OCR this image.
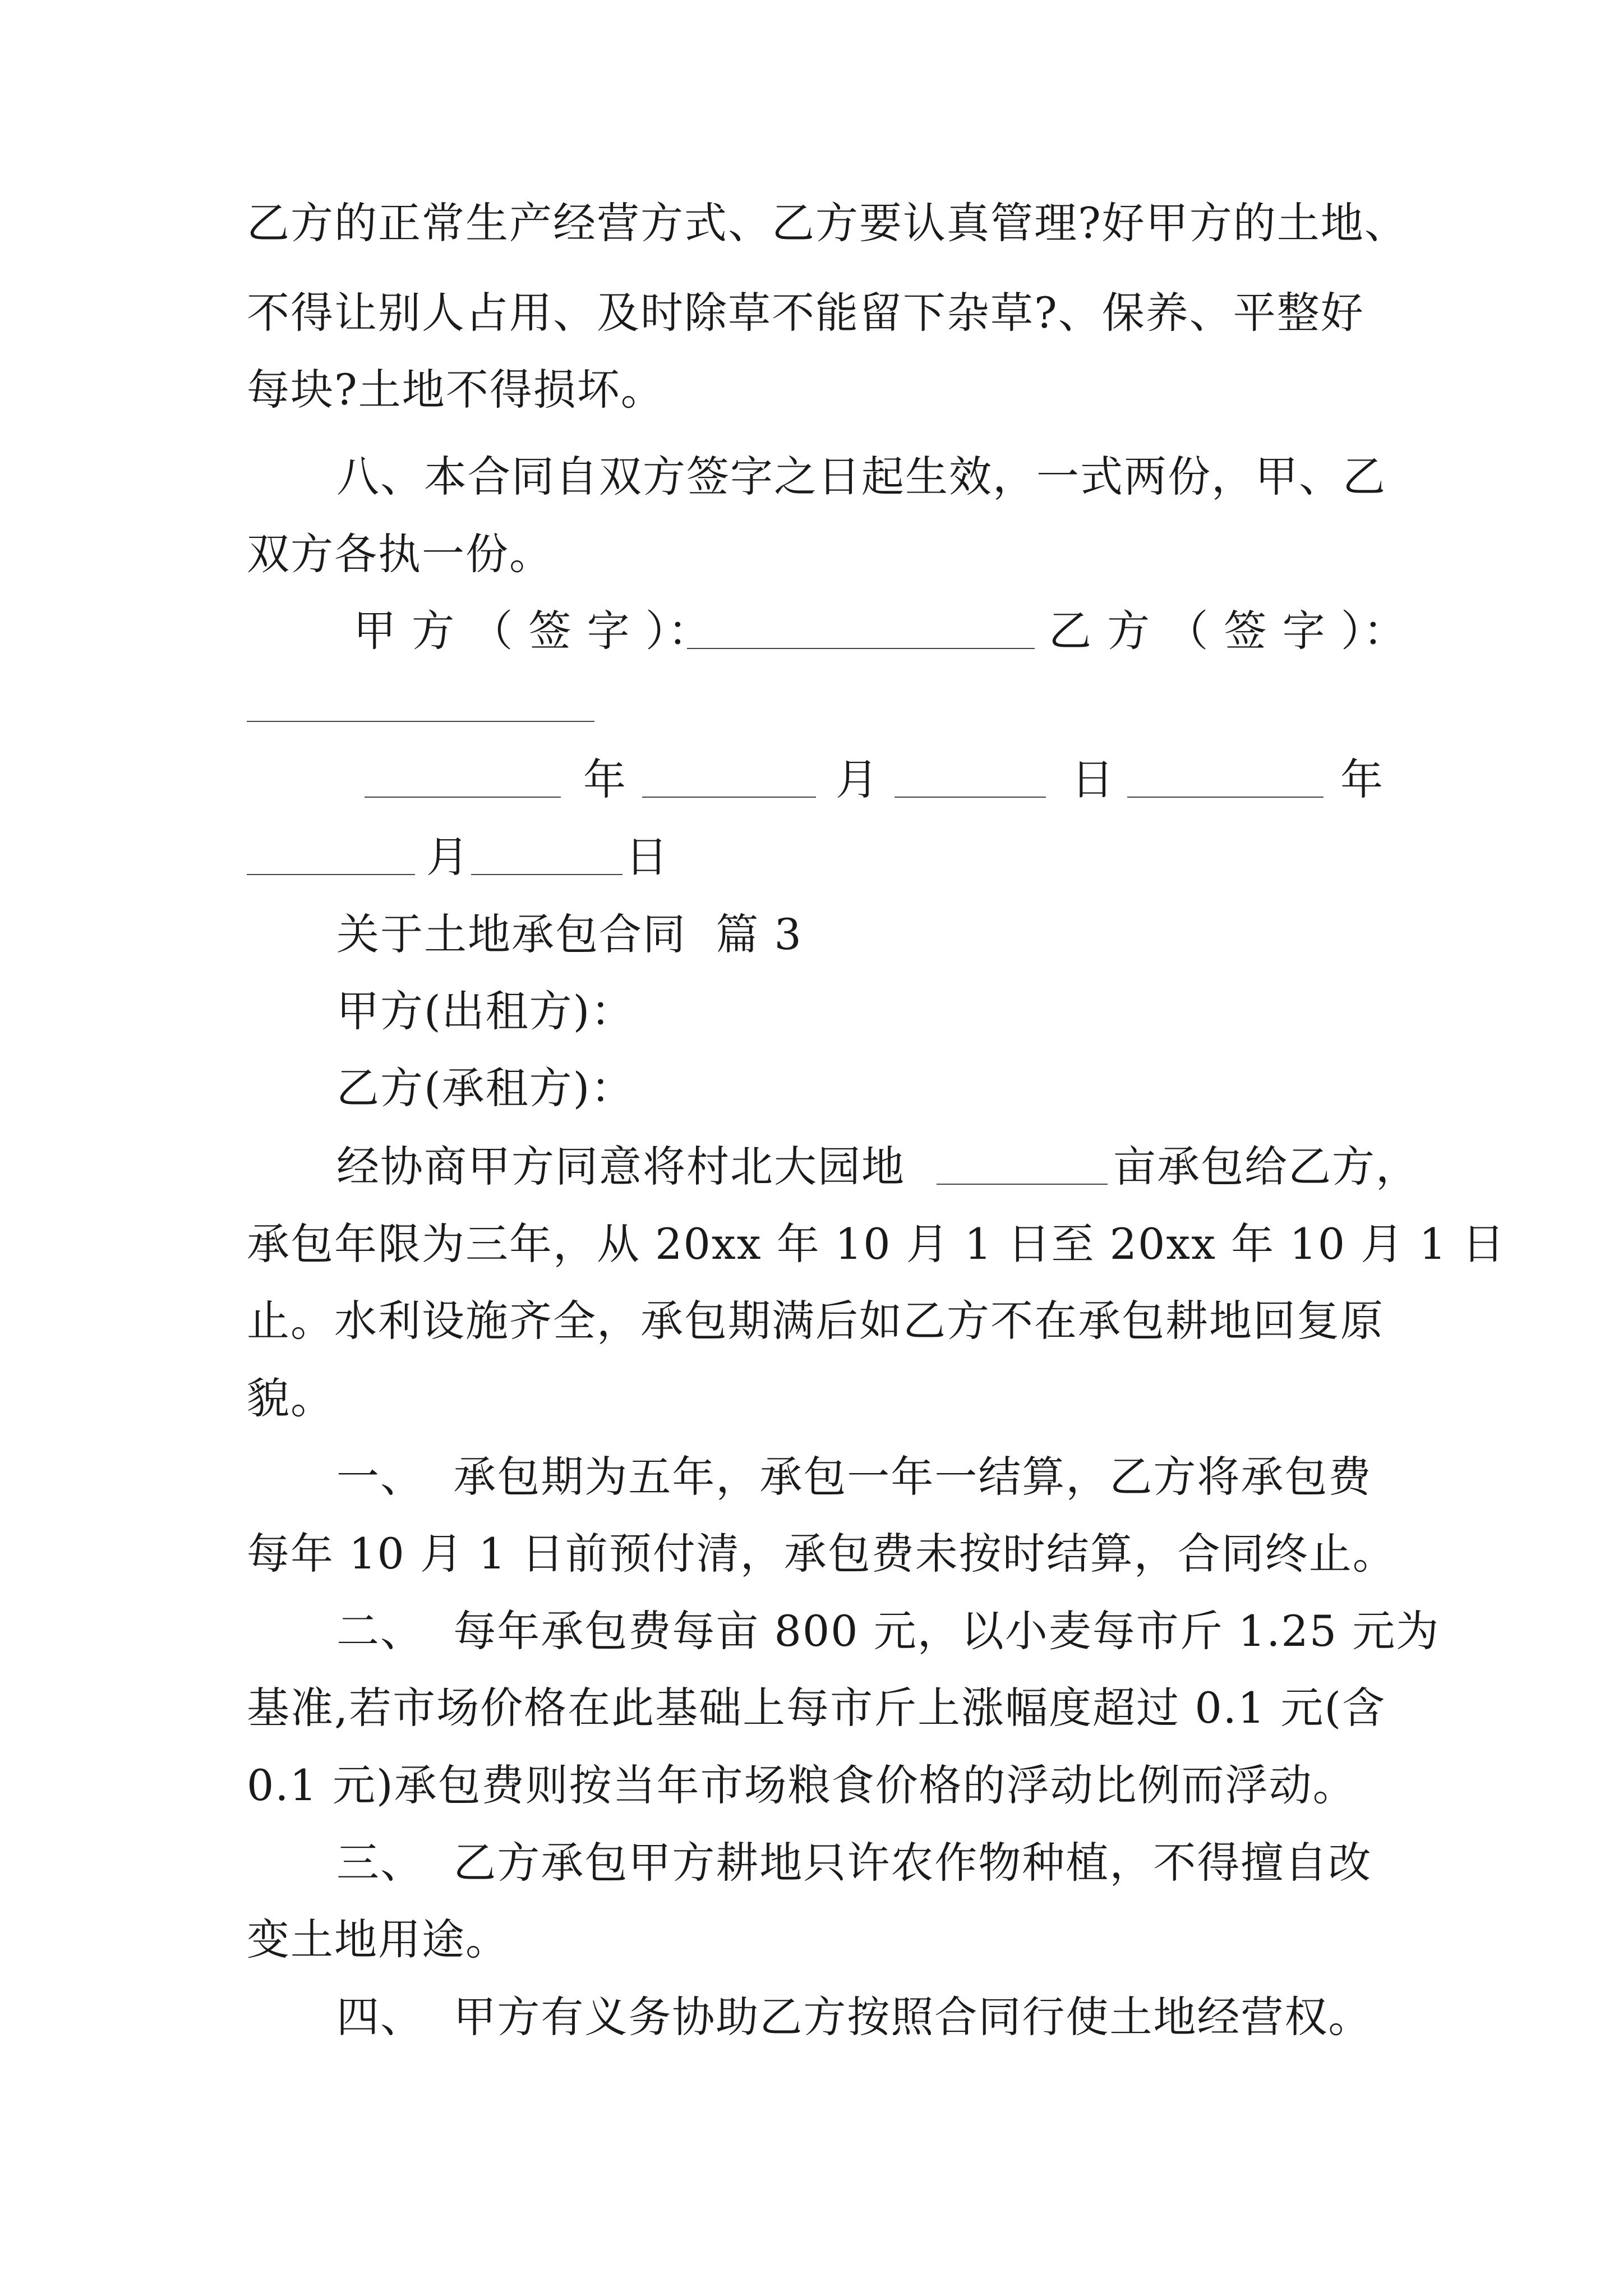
乙方的正常生产经营方式、乙方要认真管理?好甲方的土地、
不得让别人占用、及时除草不能留下杂草?、保养、平整好
每块?土地不得损坏。
八、本合同自双方签字之日起生效，一式两份，甲、乙
双方各执一份。
甲 方 （ 签 字 ）：	乙 方 （ 签 字 ）：
年	月	日	年
月	日
关于土地承包合同  篇 3
甲方(出租方)：
乙方(承租方)：
经协商甲方同意将村北大园地	亩承包给乙方，
承包年限为三年，从 20xx 年 10 月 1 日至 20xx 年 10 月 1 日
止。水利设施齐全，承包期满后如乙方不在承包耕地回复原
貌。
一、  承包期为五年，承包一年一结算，乙方将承包费
每年 10 月 1 日前预付清，承包费未按时结算，合同终止。
二、  每年承包费每亩 800 元，以小麦每市斤 1.25 元为
基准,若市场价格在此基础上每市斤上涨幅度超过 0.1 元(含
0.1 元)承包费则按当年市场粮食价格的浮动比例而浮动。
三、  乙方承包甲方耕地只许农作物种植，不得擅自改
变土地用途。
四、  甲方有义务协助乙方按照合同行使土地经营权。
